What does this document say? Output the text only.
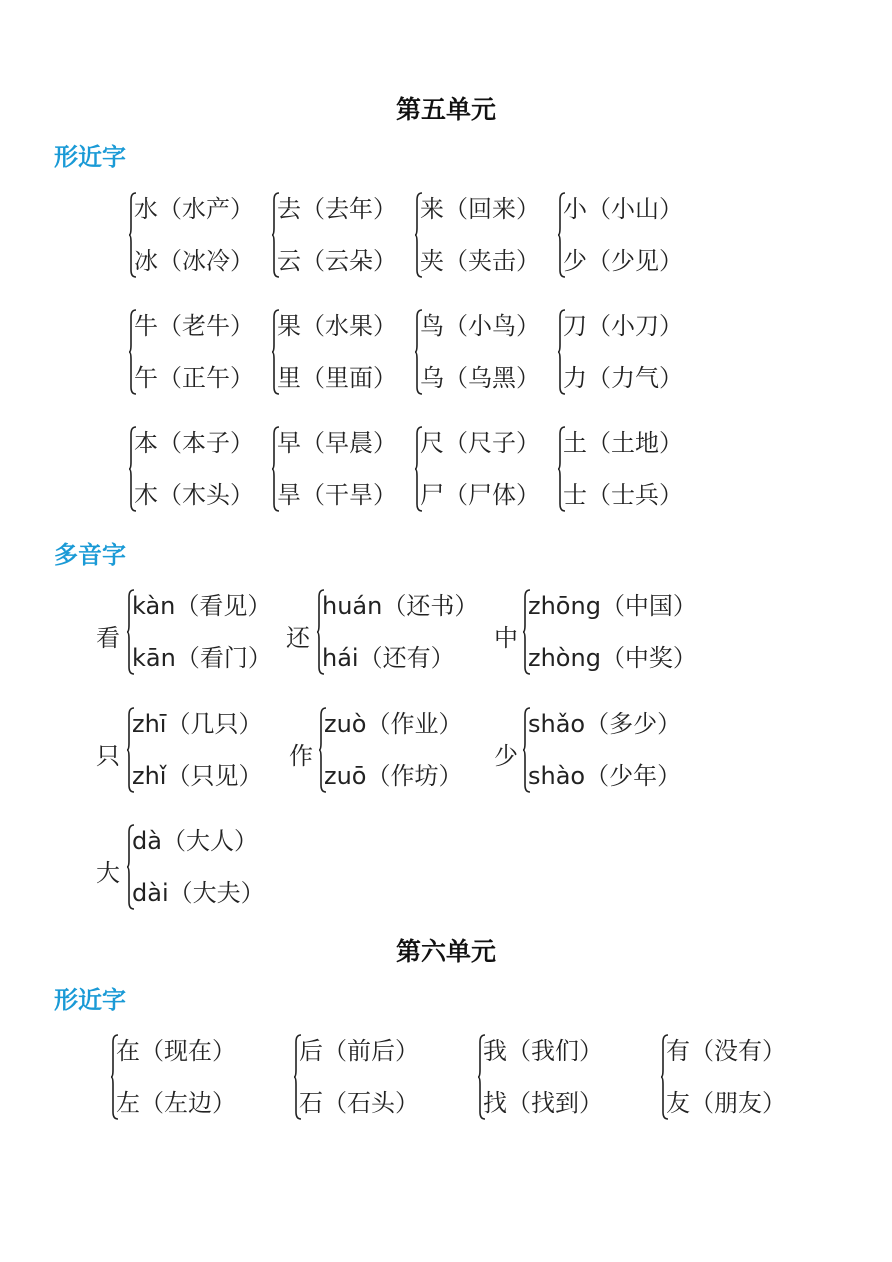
第五单元
形近字
水（水产）
冰（冰冷）
去（去年）
云（云朵）
来（回来）
夹（夹击）
小（小山）
少（少见）
牛（老牛）
午（正午）
果（水果）
里（里面）
鸟（小鸟）
乌（乌黑）
刀（小刀）
力（力气）
本（本子）
木（木头）
早（早晨）
旱（干旱）
尺（尺子）
尸（尸体）
土（土地）
士（士兵）
多音字
看
kàn（看见）
kān（看门）
还
huán（还书）
hái（还有）
中
zhōng（中国）
zhòng（中奖）
只
zhī（几只）
zhǐ（只见）
作
zuò（作业）
zuō（作坊）
少
shǎo（多少）
shào（少年）
大
dà（大人）
dài（大夫）
第六单元
形近字
在（现在）
左（左边）
后（前后）
石（石头）
我（我们）
找（找到）
有（没有）
友（朋友）
